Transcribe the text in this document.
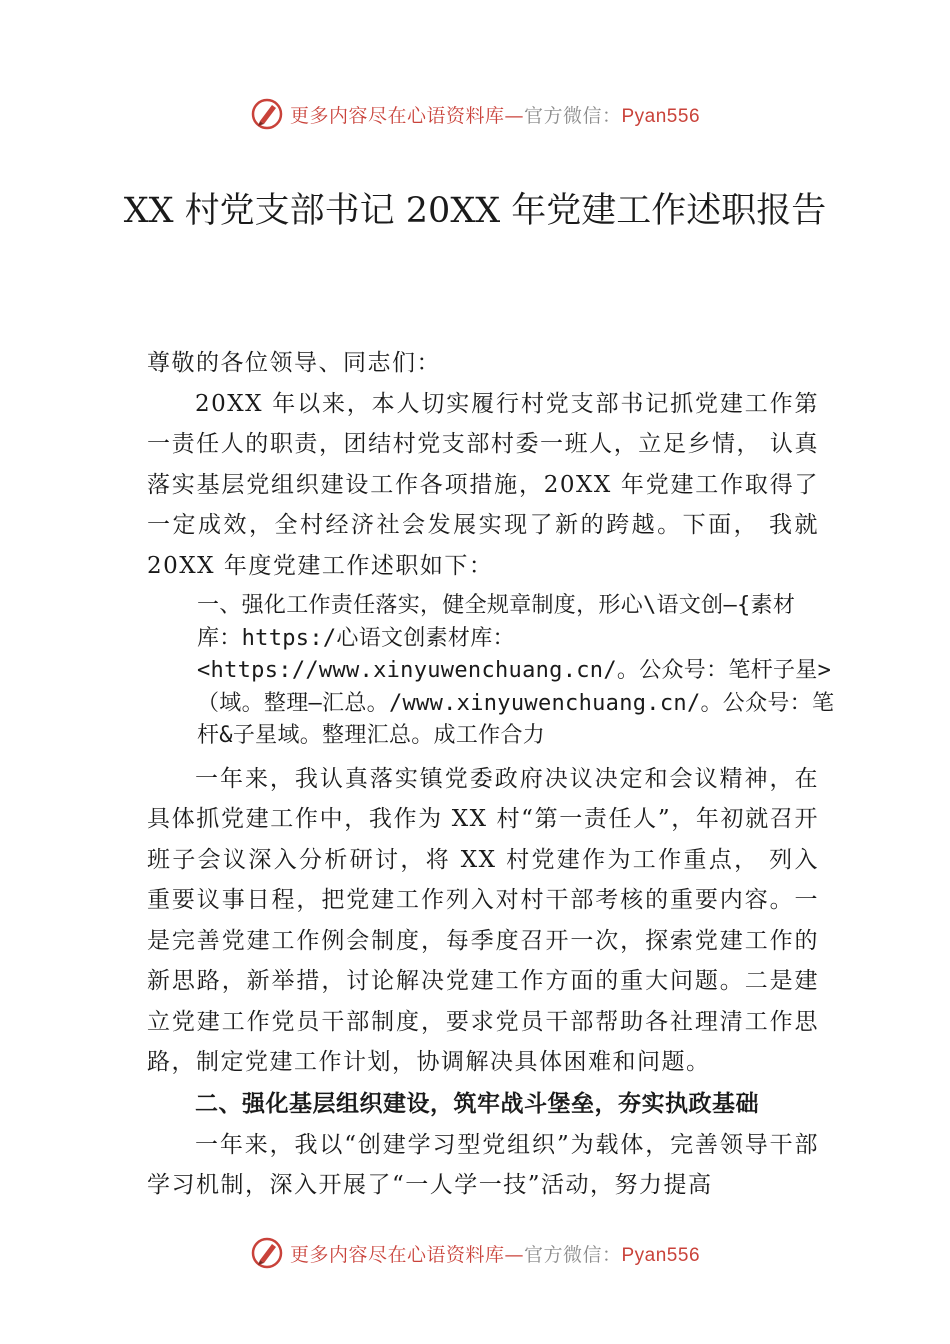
更多内容尽在心语资料库—官方微信：Pyan556
XX 村党支部书记 20XX 年党建工作述职报告

尊敬的各位领导、同志们：

20XX 年以来，本人切实履行村党支部书记抓党建工作第一责任人的职责，团结村党支部村委一班人，立足乡情， 认真落实基层党组织建设工作各项措施，20XX 年党建工作取得了一定成效，全村经济社会发展实现了新的跨越。下面， 我就 20XX 年度党建工作述职如下：

一、强化工作责任落实，健全规章制度，形心\语文创—{素材库：https:/心语文创素材库：<https://www.xinyuwenchuang.cn/。公众号：笔杆子星>（域。整理—汇总。/www.xinyuwenchuang.cn/。公众号：笔杆&子星域。整理汇总。成工作合力

一年来，我认真落实镇党委政府决议决定和会议精神，在具体抓党建工作中，我作为 XX 村“第一责任人”，年初就召开班子会议深入分析研讨，将 XX 村党建作为工作重点， 列入重要议事日程，把党建工作列入对村干部考核的重要内容。一是完善党建工作例会制度，每季度召开一次，探索党建工作的新思路，新举措，讨论解决党建工作方面的重大问题。二是建立党建工作党员干部制度，要求党员干部帮助各社理清工作思路，制定党建工作计划，协调解决具体困难和问题。

二、强化基层组织建设，筑牢战斗堡垒，夯实执政基础

一年来，我以“创建学习型党组织”为载体，完善领导干部学习机制，深入开展了“一人学一技”活动，努力提高

更多内容尽在心语资料库—官方微信：Pyan556
